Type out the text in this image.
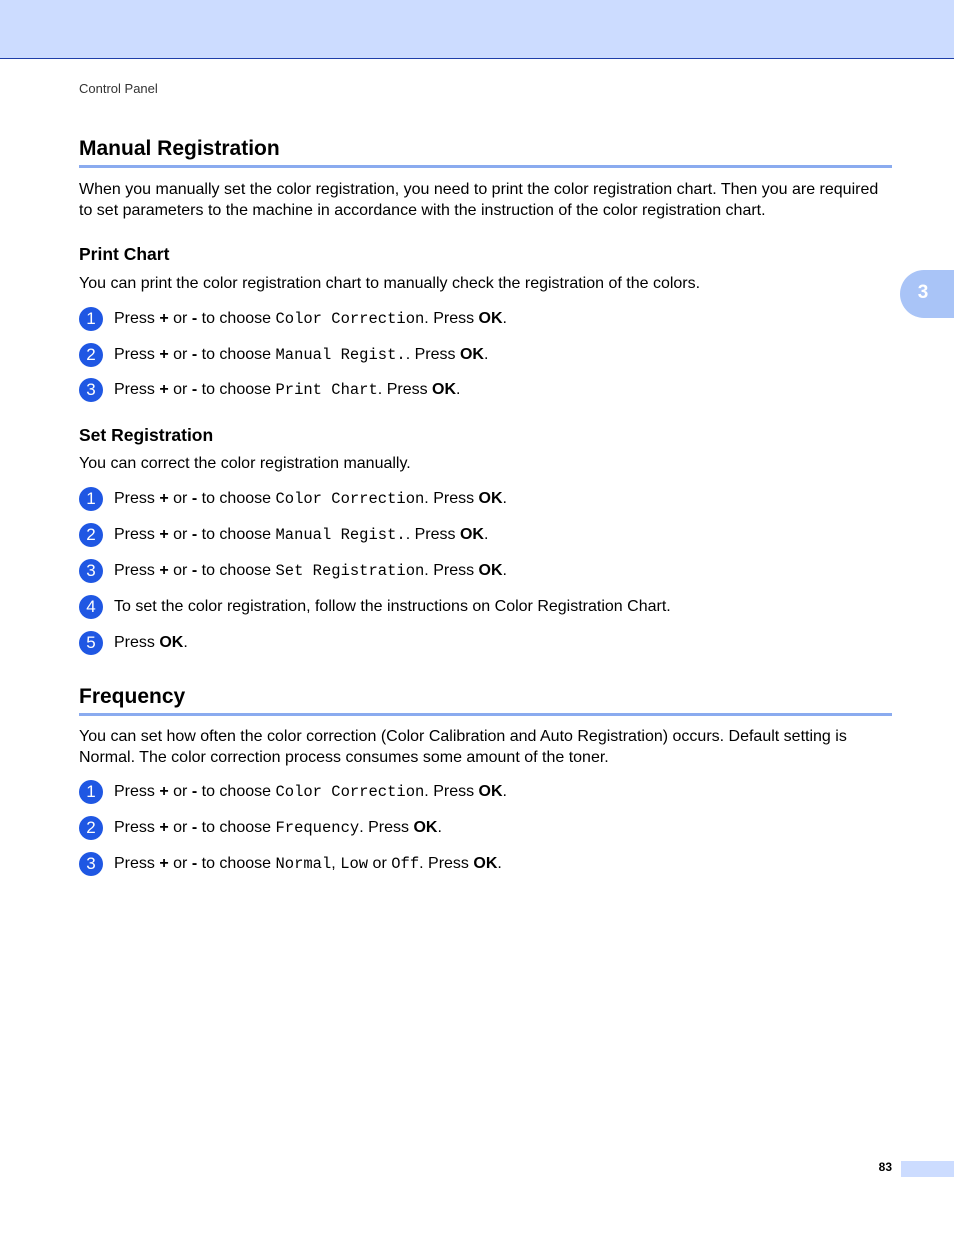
Control Panel
3
Manual Registration
When you manually set the color registration, you need to print the color registration chart. Then you are required to set parameters to the machine in accordance with the instruction of the color registration chart.
Print Chart
You can print the color registration chart to manually check the registration of the colors.
1	Press + or - to choose Color Correction. Press OK.
2	Press + or - to choose Manual Regist.. Press OK.
3	Press + or - to choose Print Chart. Press OK.
Set Registration
You can correct the color registration manually.
1	Press + or - to choose Color Correction. Press OK.
2	Press + or - to choose Manual Regist.. Press OK.
3	Press + or - to choose Set Registration. Press OK.
4	To set the color registration, follow the instructions on Color Registration Chart.
5	Press OK.
Frequency
You can set how often the color correction (Color Calibration and Auto Registration) occurs. Default setting is Normal. The color correction process consumes some amount of the toner.
1	Press + or - to choose Color Correction. Press OK.
2	Press + or - to choose Frequency. Press OK.
3	Press + or - to choose Normal, Low or Off. Press OK.
83
